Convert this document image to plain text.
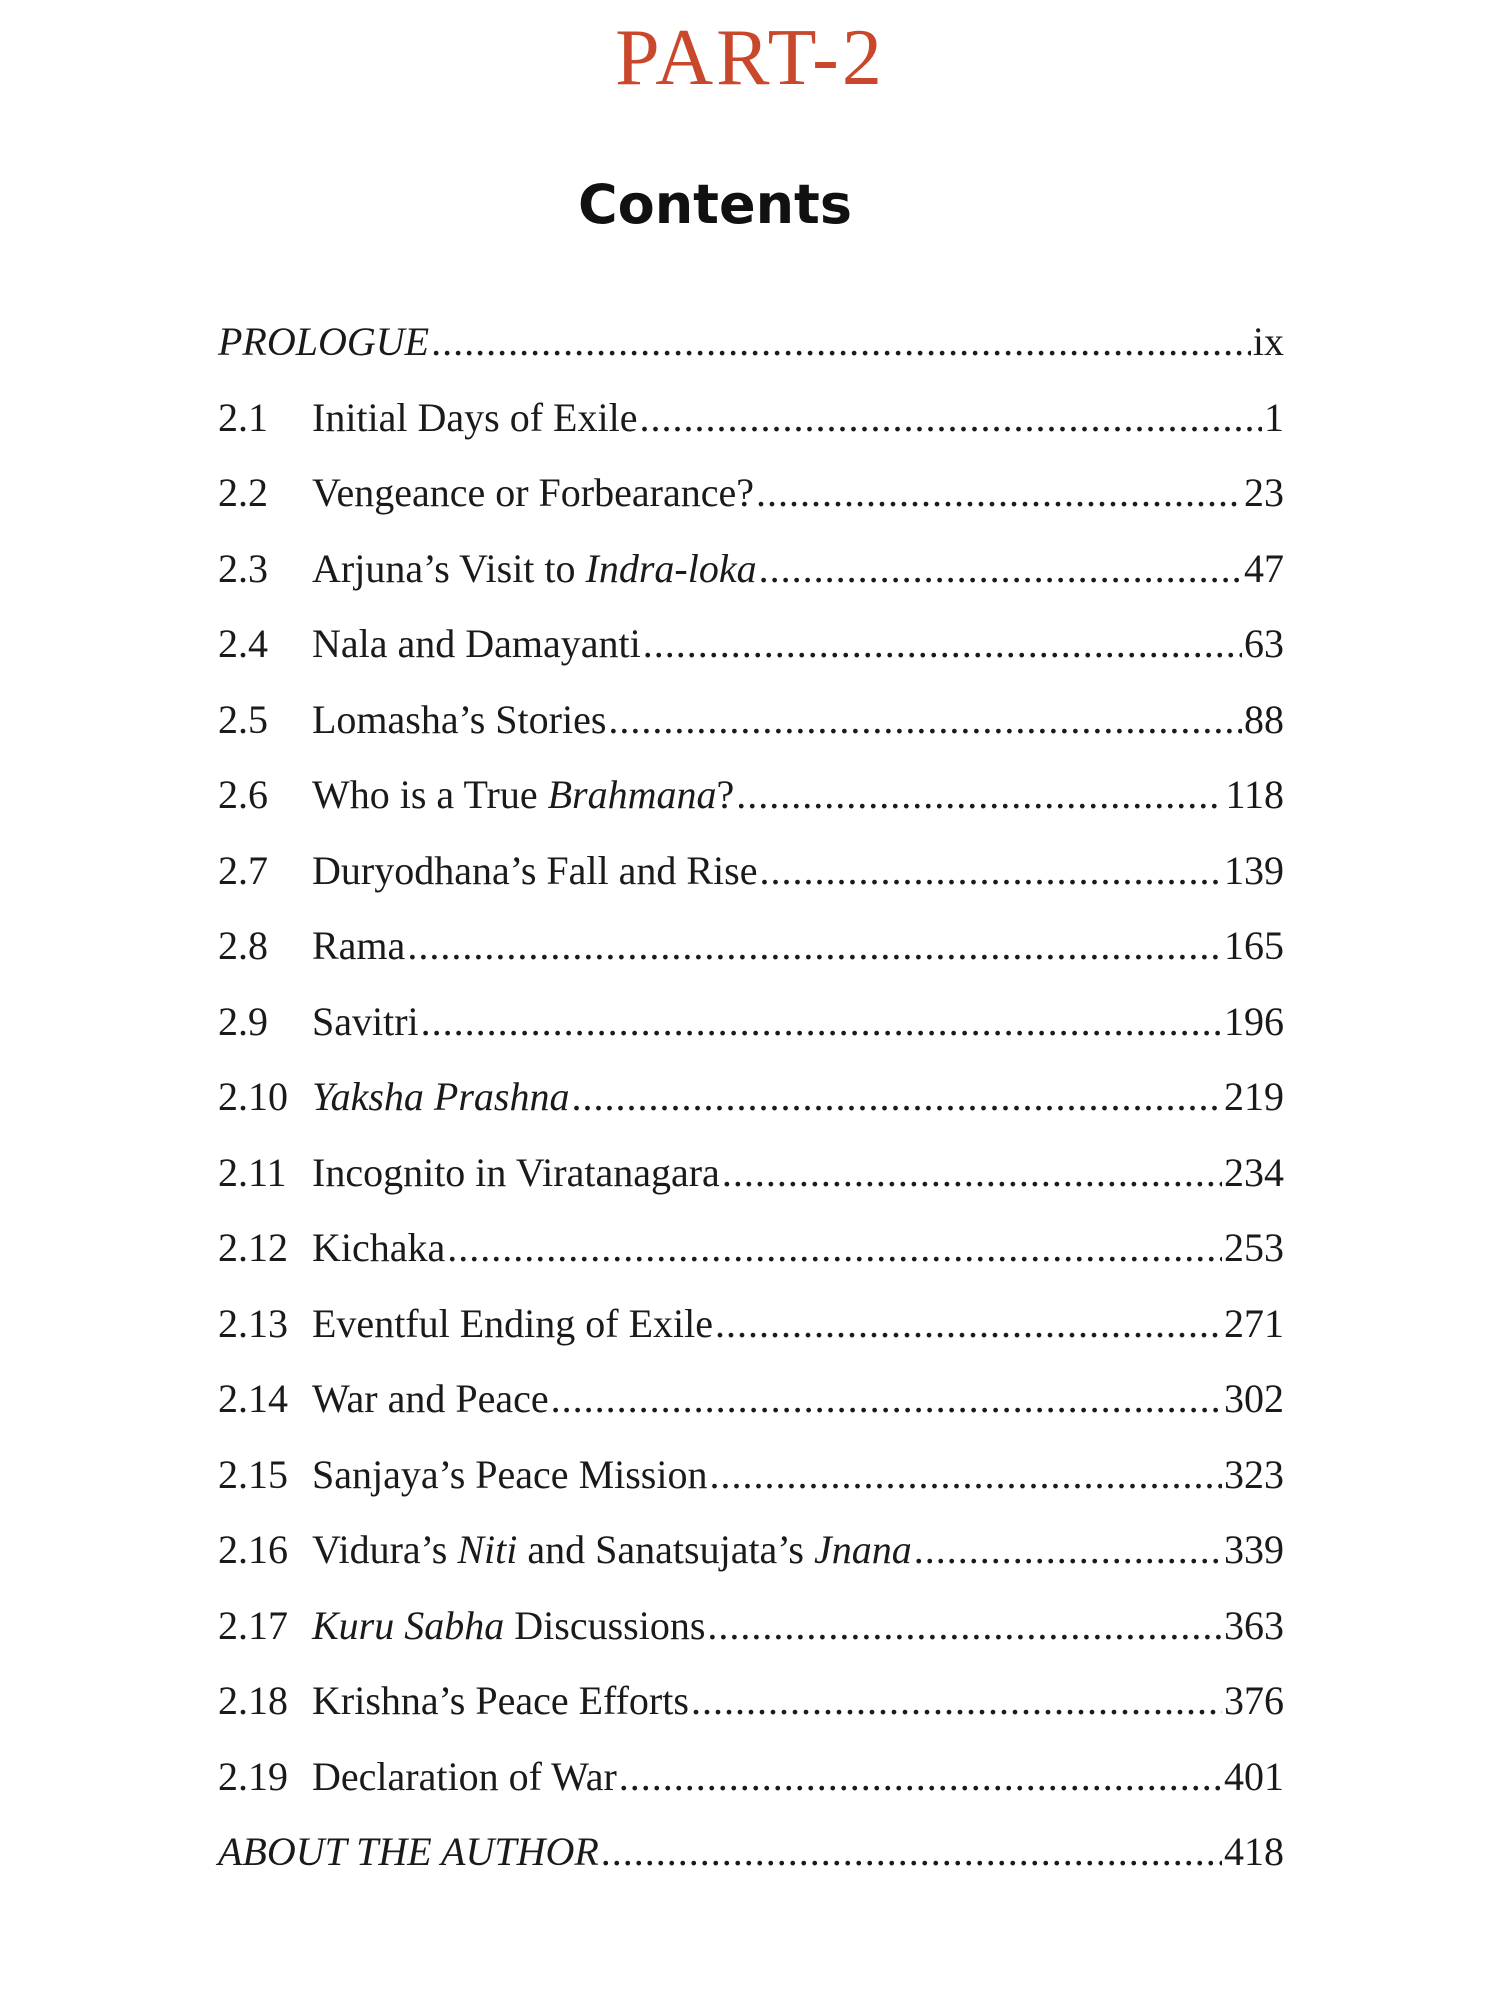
PART-2
Contents
PROLOGUE .....	ix
2.1	Initial Days of Exile .....	1
2.2	Vengeance or Forbearance? .....	23
2.3	Arjuna’s Visit to Indra-loka .....	47
2.4	Nala and Damayanti .....	63
2.5	Lomasha’s Stories .....	88
2.6	Who is a True Brahmana? .....	118
2.7	Duryodhana’s Fall and Rise .....	139
2.8	Rama .....	165
2.9	Savitri .....	196
2.10 Yaksha Prashna .....	219
2.11 Incognito in Viratanagara .....	234
2.12 Kichaka .....	253
2.13 Eventful Ending of Exile .....	271
2.14 War and Peace .....	302
2.15 Sanjaya’s Peace Mission .....	323
2.16 Vidura’s Niti and Sanatsujata’s Jnana .....	339
2.17 Kuru Sabha Discussions .....	363
2.18 Krishna’s Peace Efforts .....	376
2.19 Declaration of War .....	401
ABOUT THE AUTHOR .....	418
